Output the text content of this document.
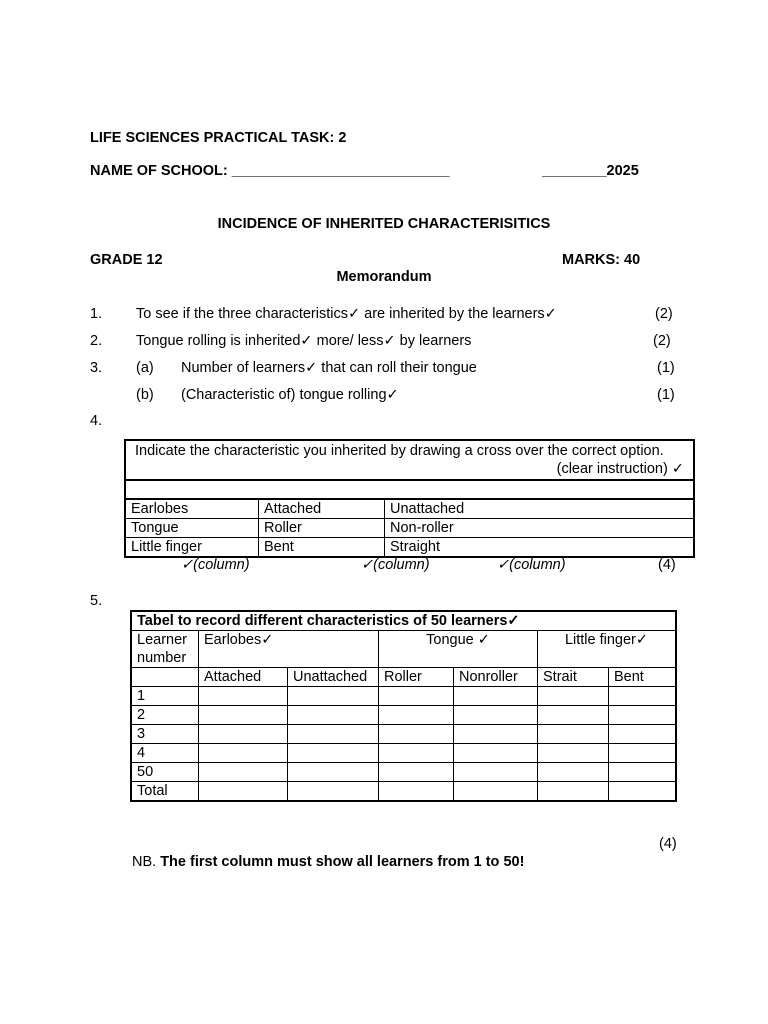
LIFE SCIENCES PRACTICAL TASK: 2
NAME OF SCHOOL: ___________________________	________2025
INCIDENCE OF INHERITED CHARACTERISITICS
GRADE 12	MARKS: 40
Memorandum
1. To see if the three characteristics✓ are inherited by the learners✓	(2)
2. Tongue rolling is inherited✓ more/ less✓ by learners	(2)
3. (a) Number of learners✓ that can roll their tongue	(1)
(b) (Characteristic of) tongue rolling✓	(1)
4.
Indicate the characteristic you inherited by drawing a cross over the correct option.
(clear instruction) ✓
Earlobes	Attached	Unattached
Tongue	Roller	Non-roller
Little finger	Bent	Straight
✓(column)	✓(column)	✓(column)	(4)
5.
Tabel to record different characteristics of 50 learners✓						
Learner number	Earlobes✓		Tongue ✓		Little finger✓	
	Attached	Unattached	Roller	Nonroller	Strait	Bent
1						
2						
3						
4						
50						
Total						
(4)
NB. The first column must show all learners from 1 to 50!
